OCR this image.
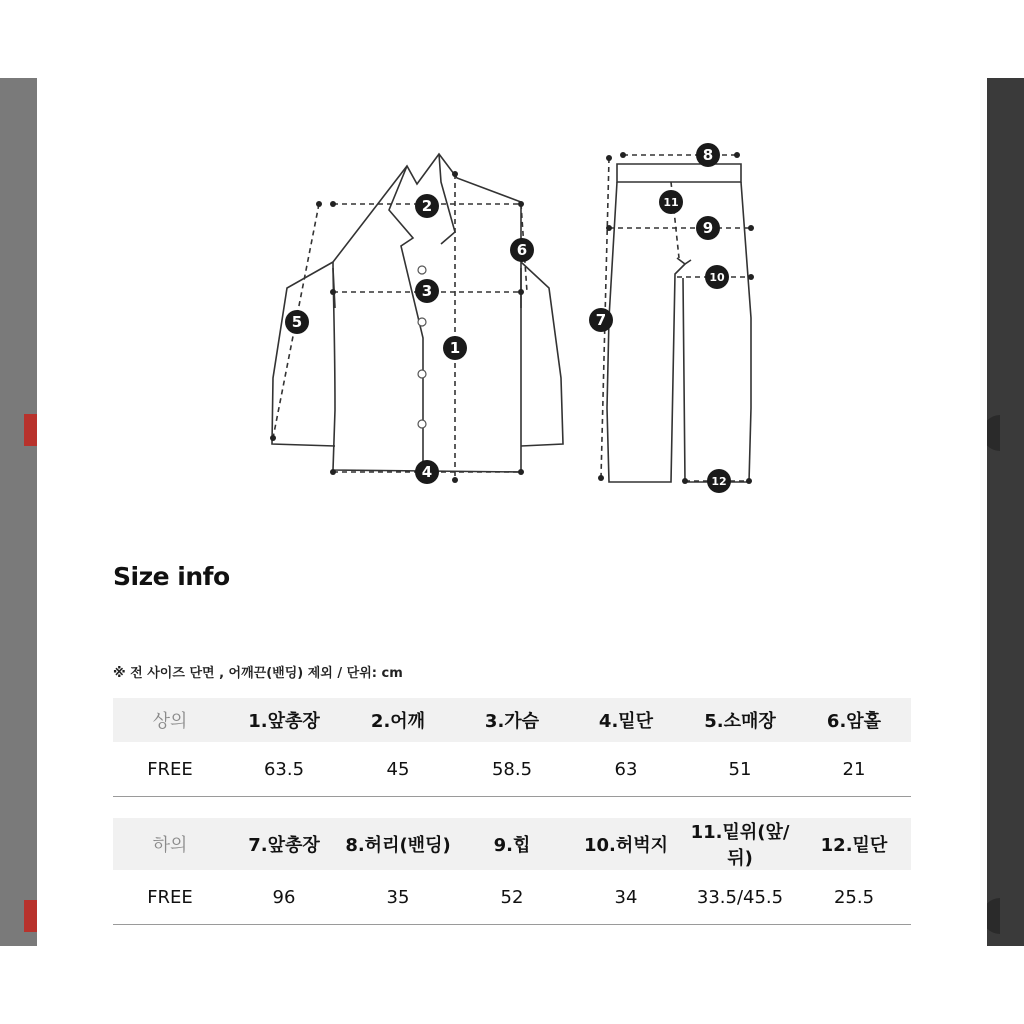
1
2
3
4
5
6
7
8
11
9
10
12
Size info
※ 전 사이즈 단면 , 어깨끈(밴딩) 제외 / 단위: cm
상의	1.앞총장	2.어깨	3.가슴	4.밑단	5.소매장	6.암홀
FREE	63.5	45	58.5	63	51	21
하의	7.앞총장	8.허리(밴딩)	9.힙	10.허벅지	11.밑위(앞/뒤)	12.밑단
FREE	96	35	52	34	33.5/45.5	25.5
